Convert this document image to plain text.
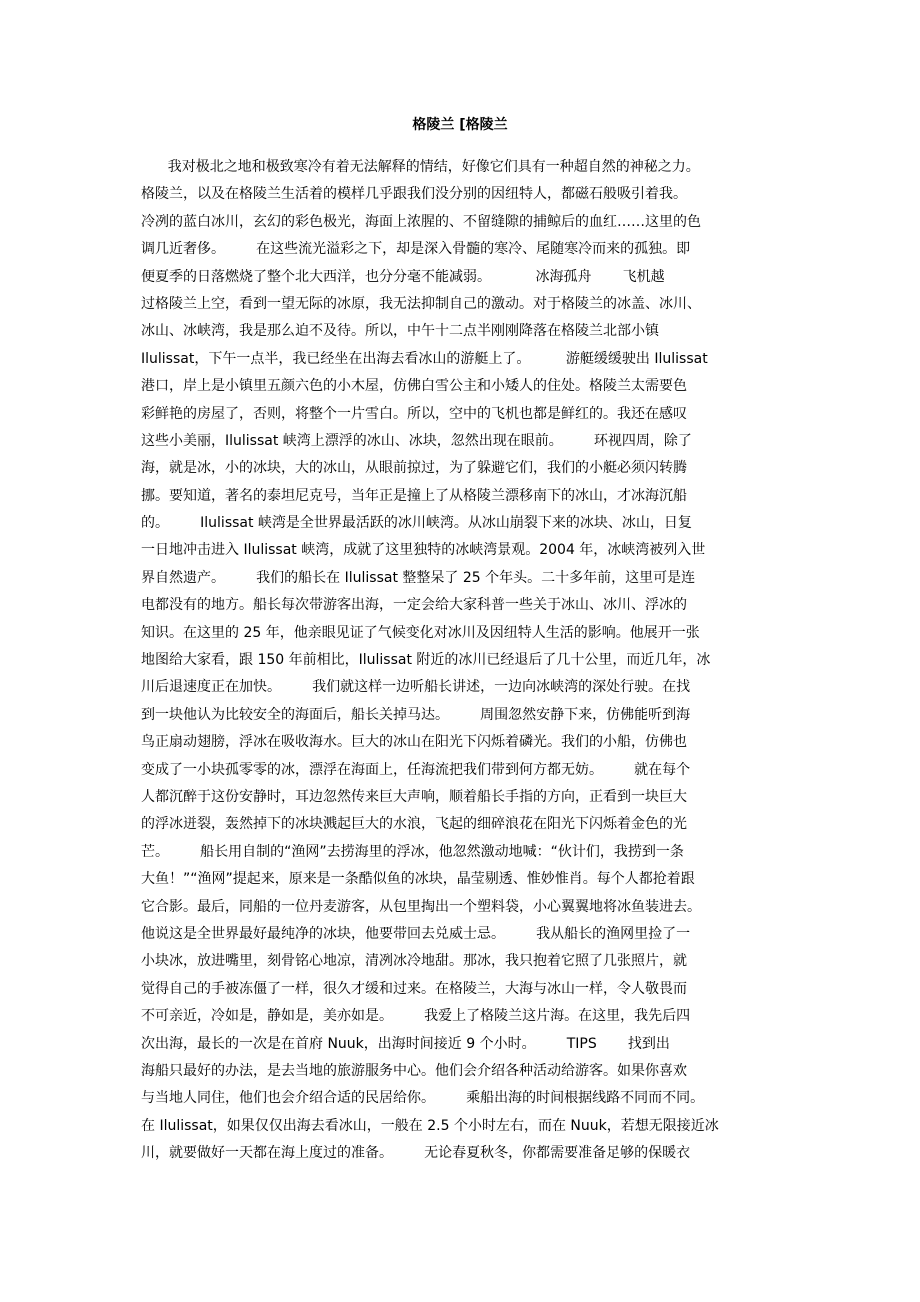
格陵兰 [格陵兰
我对极北之地和极致寒冷有着无法解释的情结，好像它们具有一种超自然的神秘之力。
格陵兰，以及在格陵兰生活着的模样几乎跟我们没分别的因纽特人，都磁石般吸引着我。
冷冽的蓝白冰川，玄幻的彩色极光，海面上浓腥的、不留缝隙的捕鲸后的血红……这里的色
调几近奢侈。       在这些流光溢彩之下，却是深入骨髓的寒冷、尾随寒冷而来的孤独。即
便夏季的日落燃烧了整个北大西洋，也分分毫不能减弱。          冰海孤舟       飞机越
过格陵兰上空，看到一望无际的冰原，我无法抑制自己的激动。对于格陵兰的冰盖、冰川、
冰山、冰峡湾，我是那么迫不及待。所以，中午十二点半刚刚降落在格陵兰北部小镇
Ilulissat，下午一点半，我已经坐在出海去看冰山的游艇上了。        游艇缓缓驶出 Ilulissat
港口，岸上是小镇里五颜六色的小木屋，仿佛白雪公主和小矮人的住处。格陵兰太需要色
彩鲜艳的房屋了，否则，将整个一片雪白。所以，空中的飞机也都是鲜红的。我还在感叹
这些小美丽，Ilulissat 峡湾上漂浮的冰山、冰块，忽然出现在眼前。       环视四周，除了
海，就是冰，小的冰块，大的冰山，从眼前掠过，为了躲避它们，我们的小艇必须闪转腾
挪。要知道，著名的泰坦尼克号，当年正是撞上了从格陵兰漂移南下的冰山，才冰海沉船
的。       Ilulissat 峡湾是全世界最活跃的冰川峡湾。从冰山崩裂下来的冰块、冰山，日复
一日地冲击进入 Ilulissat 峡湾，成就了这里独特的冰峡湾景观。2004 年，冰峡湾被列入世
界自然遗产。       我们的船长在 Ilulissat 整整呆了 25 个年头。二十多年前，这里可是连
电都没有的地方。船长每次带游客出海，一定会给大家科普一些关于冰山、冰川、浮冰的
知识。在这里的 25 年，他亲眼见证了气候变化对冰川及因纽特人生活的影响。他展开一张
地图给大家看，跟 150 年前相比，Ilulissat 附近的冰川已经退后了几十公里，而近几年，冰
川后退速度正在加快。       我们就这样一边听船长讲述，一边向冰峡湾的深处行驶。在找
到一块他认为比较安全的海面后，船长关掉马达。       周围忽然安静下来，仿佛能听到海
鸟正扇动翅膀，浮冰在吸收海水。巨大的冰山在阳光下闪烁着磷光。我们的小船，仿佛也
变成了一小块孤零零的冰，漂浮在海面上，任海流把我们带到何方都无妨。       就在每个
人都沉醉于这份安静时，耳边忽然传来巨大声响，顺着船长手指的方向，正看到一块巨大
的浮冰迸裂，轰然掉下的冰块溅起巨大的水浪，飞起的细碎浪花在阳光下闪烁着金色的光
芒。       船长用自制的“渔网”去捞海里的浮冰，他忽然激动地喊：“伙计们，我捞到一条
大鱼！”“渔网”提起来，原来是一条酷似鱼的冰块，晶莹剔透、惟妙惟肖。每个人都抢着跟
它合影。最后，同船的一位丹麦游客，从包里掏出一个塑料袋，小心翼翼地将冰鱼装进去。
他说这是全世界最好最纯净的冰块，他要带回去兑威士忌。       我从船长的渔网里捡了一
小块冰，放进嘴里，刻骨铭心地凉，清冽冰冷地甜。那冰，我只抱着它照了几张照片，就
觉得自己的手被冻僵了一样，很久才缓和过来。在格陵兰，大海与冰山一样，令人敬畏而
不可亲近，冷如是，静如是，美亦如是。       我爱上了格陵兰这片海。在这里，我先后四
次出海，最长的一次是在首府 Nuuk，出海时间接近 9 个小时。       TIPS       找到出
海船只最好的办法，是去当地的旅游服务中心。他们会介绍各种活动给游客。如果你喜欢
与当地人同住，他们也会介绍合适的民居给你。       乘船出海的时间根据线路不同而不同。
在 Ilulissat，如果仅仅出海去看冰山，一般在 2.5 个小时左右，而在 Nuuk，若想无限接近冰
川，就要做好一天都在海上度过的准备。       无论春夏秋冬，你都需要准备足够的保暖衣
